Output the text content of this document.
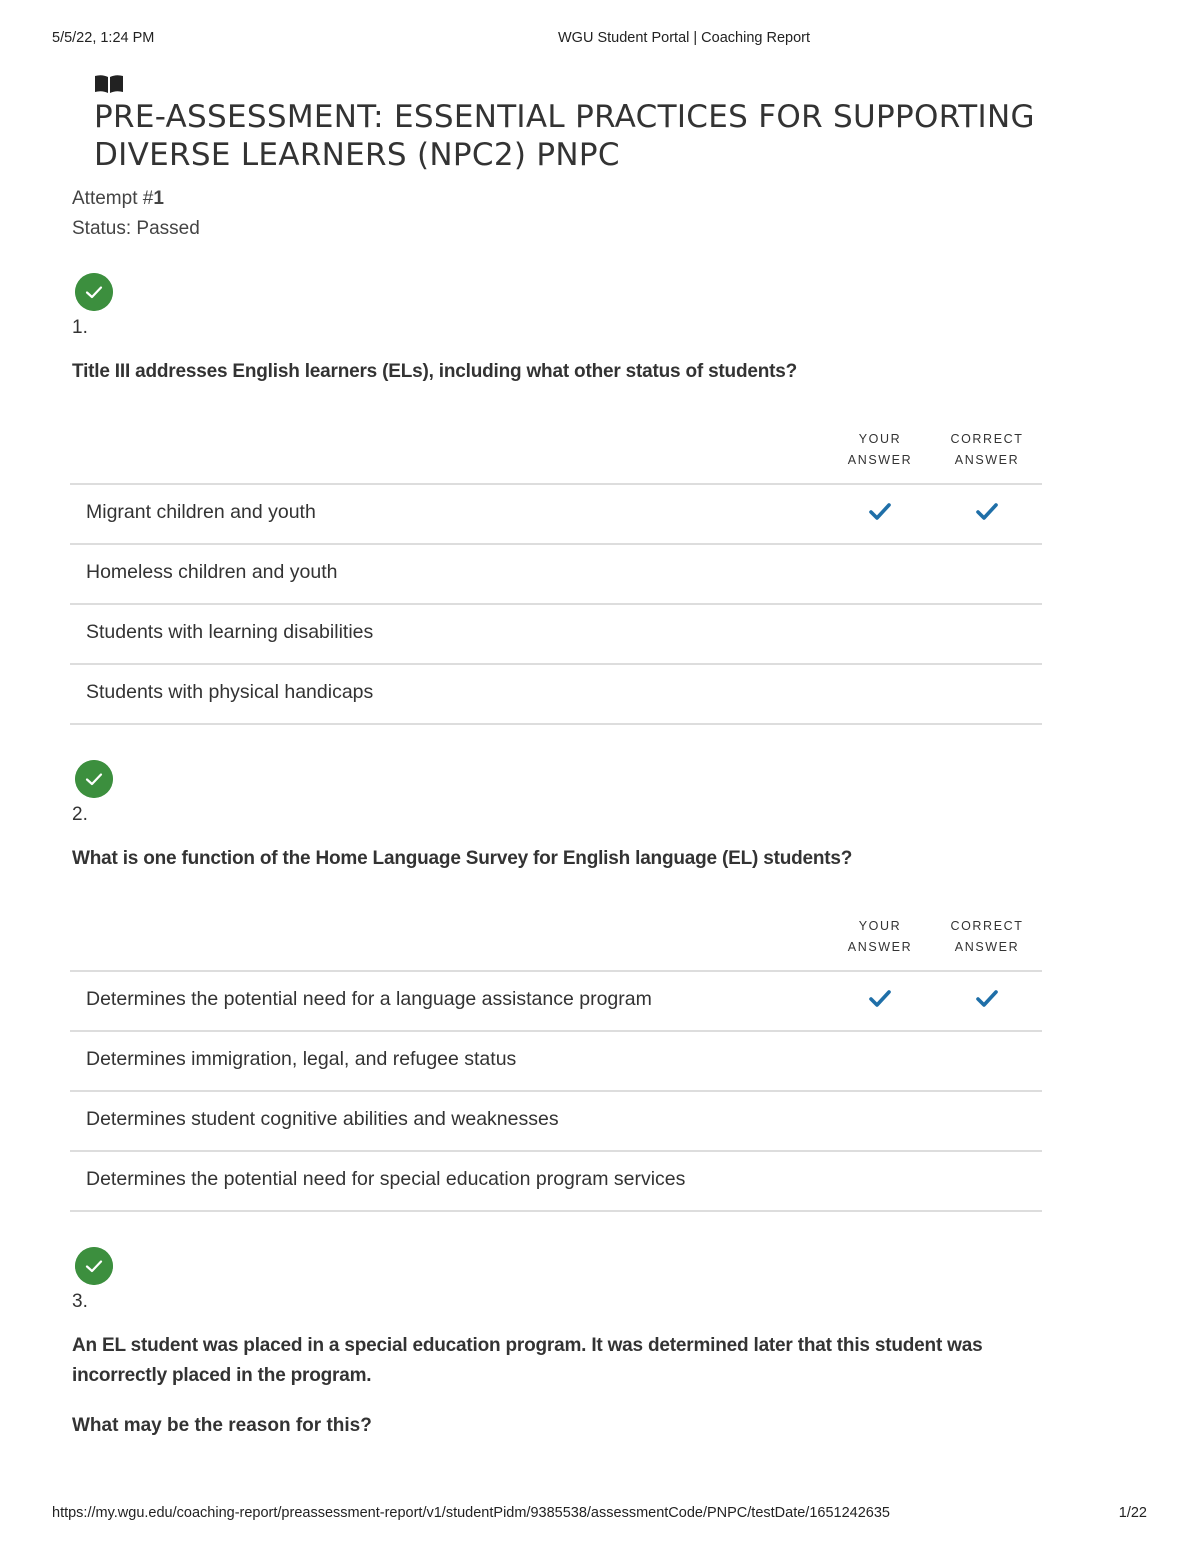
5/5/22, 1:24 PM	WGU Student Portal | Coaching Report
PRE-ASSESSMENT: ESSENTIAL PRACTICES FOR SUPPORTING DIVERSE LEARNERS (NPC2) PNPC
Attempt #1
Status: Passed
1.
Title III addresses English learners (ELs), including what other status of students?
YOUR
ANSWER
CORRECT
ANSWER
Migrant children and youth
Homeless children and youth
Students with learning disabilities
Students with physical handicaps
2.
What is one function of the Home Language Survey for English language (EL) students?
YOUR
ANSWER
CORRECT
ANSWER
Determines the potential need for a language assistance program
Determines immigration, legal, and refugee status
Determines student cognitive abilities and weaknesses
Determines the potential need for special education program services
3.
An EL student was placed in a special education program. It was determined later that this student was incorrectly placed in the program.
What may be the reason for this?
https://my.wgu.edu/coaching-report/preassessment-report/v1/studentPidm/9385538/assessmentCode/PNPC/testDate/1651242635	1/22
